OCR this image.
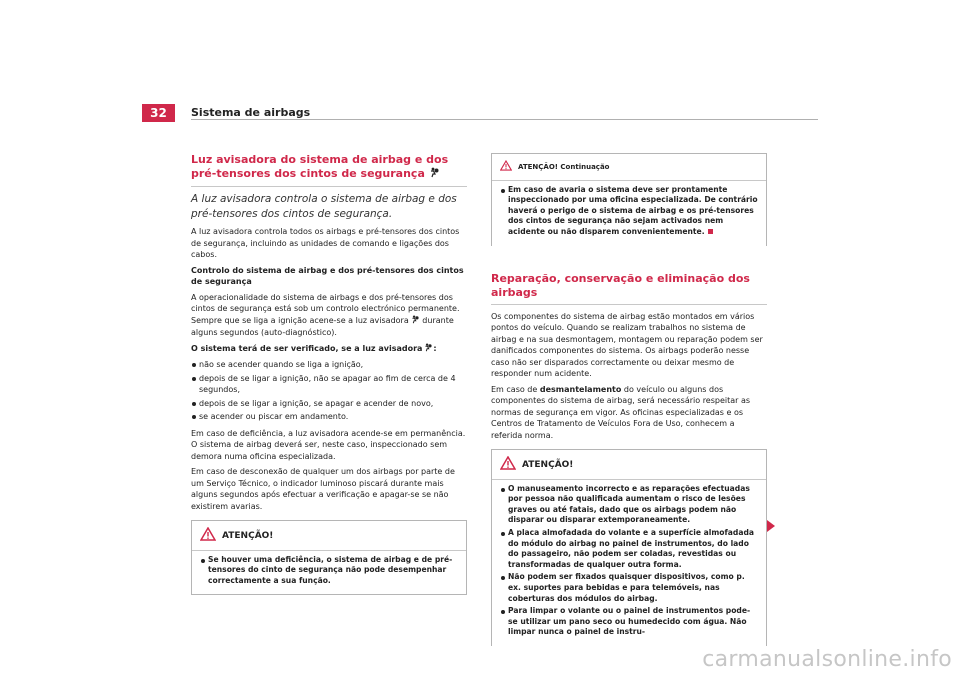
32	Sistema de airbags
Luz avisadora do sistema de airbag e dos pré-tensores dos cintos de segurança
A luz avisadora controla o sistema de airbag e dos pré-tensores dos cintos de segurança.

A luz avisadora controla todos os airbags e pré-tensores dos cintos de segurança, incluindo as unidades de comando e ligações dos cabos.

Controlo do sistema de airbag e dos pré-tensores dos cintos de segurança

A operacionalidade do sistema de airbags e dos pré-tensores dos cintos de segurança está sob um controlo electrónico permanente. Sempre que se liga a ignição acene-se a luz avisadora durante alguns segundos (auto-diagnóstico).

O sistema terá de ser verificado, se a luz avisadora :

não se acender quando se liga a ignição,
depois de se ligar a ignição, não se apagar ao fim de cerca de 4 segundos,
depois de se ligar a ignição, se apagar e acender de novo,
se acender ou piscar em andamento.

Em caso de deficiência, a luz avisadora acende-se em permanência. O sistema de airbag deverá ser, neste caso, inspeccionado sem demora numa oficina especializada.

Em caso de desconexão de qualquer um dos airbags por parte de um Serviço Técnico, o indicador luminoso piscará durante mais alguns segundos após efectuar a verificação e apagar-se se não existirem avarias.

ATENÇÃO!
Se houver uma deficiência, o sistema de airbag e de pré-tensores do cinto de segurança não pode desempenhar correctamente a sua função.
ATENÇÃO! Continuação
Em caso de avaria o sistema deve ser prontamente inspeccionado por uma oficina especializada. De contrário haverá o perigo de o sistema de airbag e os pré-tensores dos cintos de segurança não sejam activados nem acidente ou não disparem convenientemente.
Reparação, conservação e eliminação dos airbags

Os componentes do sistema de airbag estão montados em vários pontos do veículo. Quando se realizam trabalhos no sistema de airbag e na sua desmontagem, montagem ou reparação podem ser danificados componentes do sistema. Os airbags poderão nesse caso não ser disparados correctamente ou deixar mesmo de responder num acidente.

Em caso de desmantelamento do veículo ou alguns dos componentes do sistema de airbag, será necessário respeitar as normas de segurança em vigor. As oficinas especializadas e os Centros de Tratamento de Veículos Fora de Uso, conhecem a referida norma.

ATENÇÃO!
O manuseamento incorrecto e as reparações efectuadas por pessoa não qualificada aumentam o risco de lesões graves ou até fatais, dado que os airbags podem não disparar ou disparar extemporaneamente.
A placa almofadada do volante e a superfície almofadada do módulo do airbag no painel de instrumentos, do lado do passageiro, não podem ser coladas, revestidas ou transformadas de qualquer outra forma.
Não podem ser fixados quaisquer dispositivos, como p. ex. suportes para bebidas e para telemóveis, nas coberturas dos módulos do airbag.
Para limpar o volante ou o painel de instrumentos pode-se utilizar um pano seco ou humedecido com água. Não limpar nunca o painel de instru-
carmanualsonline.info
